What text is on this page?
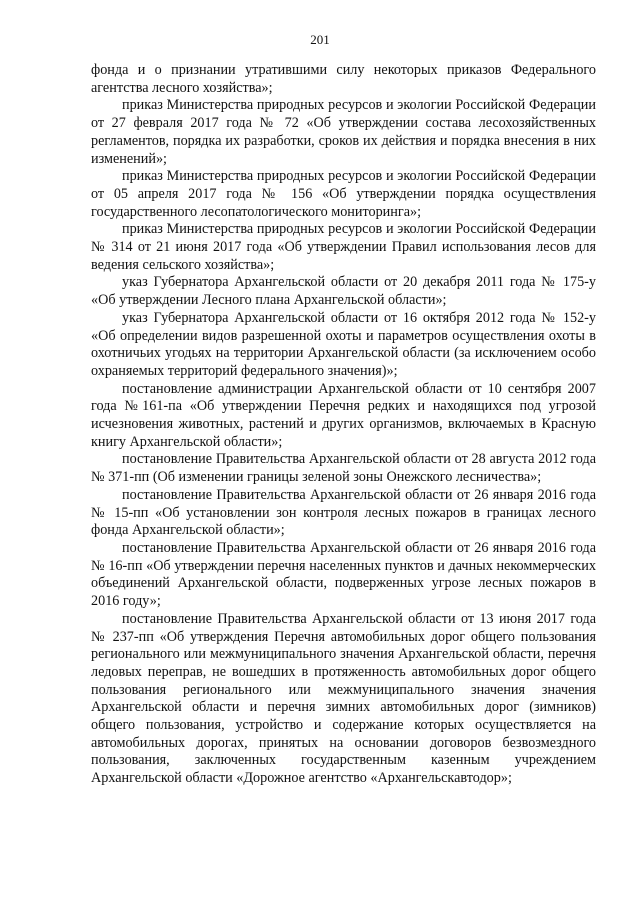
201

фонда и о признании утратившими силу некоторых приказов Федерального агентства лесного хозяйства»;

приказ Министерства природных ресурсов и экологии Российской Федерации от 27 февраля 2017 года № 72 «Об утверждении состава лесохозяйственных регламентов, порядка их разработки, сроков их действия и порядка внесения в них изменений»;

приказ Министерства природных ресурсов и экологии Российской Федерации от 05 апреля 2017 года № 156 «Об утверждении порядка осуществления государственного лесопатологического мониторинга»;

приказ Министерства природных ресурсов и экологии Российской Федерации № 314 от 21 июня 2017 года «Об утверждении Правил использования лесов для ведения сельского хозяйства»;

указ Губернатора Архангельской области от 20 декабря 2011 года № 175-у «Об утверждении Лесного плана Архангельской области»;

указ Губернатора Архангельской области от 16 октября 2012 года № 152-у «Об определении видов разрешенной охоты и параметров осуществления охоты в охотничьих угодьях на территории Архангельской области (за исключением особо охраняемых территорий федерального значения)»;

постановление администрации Архангельской области от 10 сентября 2007 года №161-па «Об утверждении Перечня редких и находящихся под угрозой исчезновения животных, растений и других организмов, включаемых в Красную книгу Архангельской области»;

постановление Правительства Архангельской области от 28 августа 2012 года № 371-пп (Об изменении границы зеленой зоны Онежского лесничества»;

постановление Правительства Архангельской области от 26 января 2016 года № 15-пп «Об установлении зон контроля лесных пожаров в границах лесного фонда Архангельской области»;

постановление Правительства Архангельской области от 26 января 2016 года № 16-пп «Об утверждении перечня населенных пунктов и дачных некоммерческих объединений Архангельской области, подверженных угрозе лесных пожаров в 2016 году»;

постановление Правительства Архангельской области от 13 июня 2017 года № 237-пп «Об утверждения Перечня автомобильных дорог общего пользования регионального или межмуниципального значения Архангельской области, перечня ледовых переправ, не вошедших в протяженность автомобильных дорог общего пользования регионального или межмуниципального значения значения Архангельской области и перечня зимних автомобильных дорог (зимников) общего пользования, устройство и содержание которых осуществляется на автомобильных дорогах, принятых на основании договоров безвозмездного пользования, заключенных государственным казенным учреждением Архангельской области «Дорожное агентство «Архангельскавтодор»;
